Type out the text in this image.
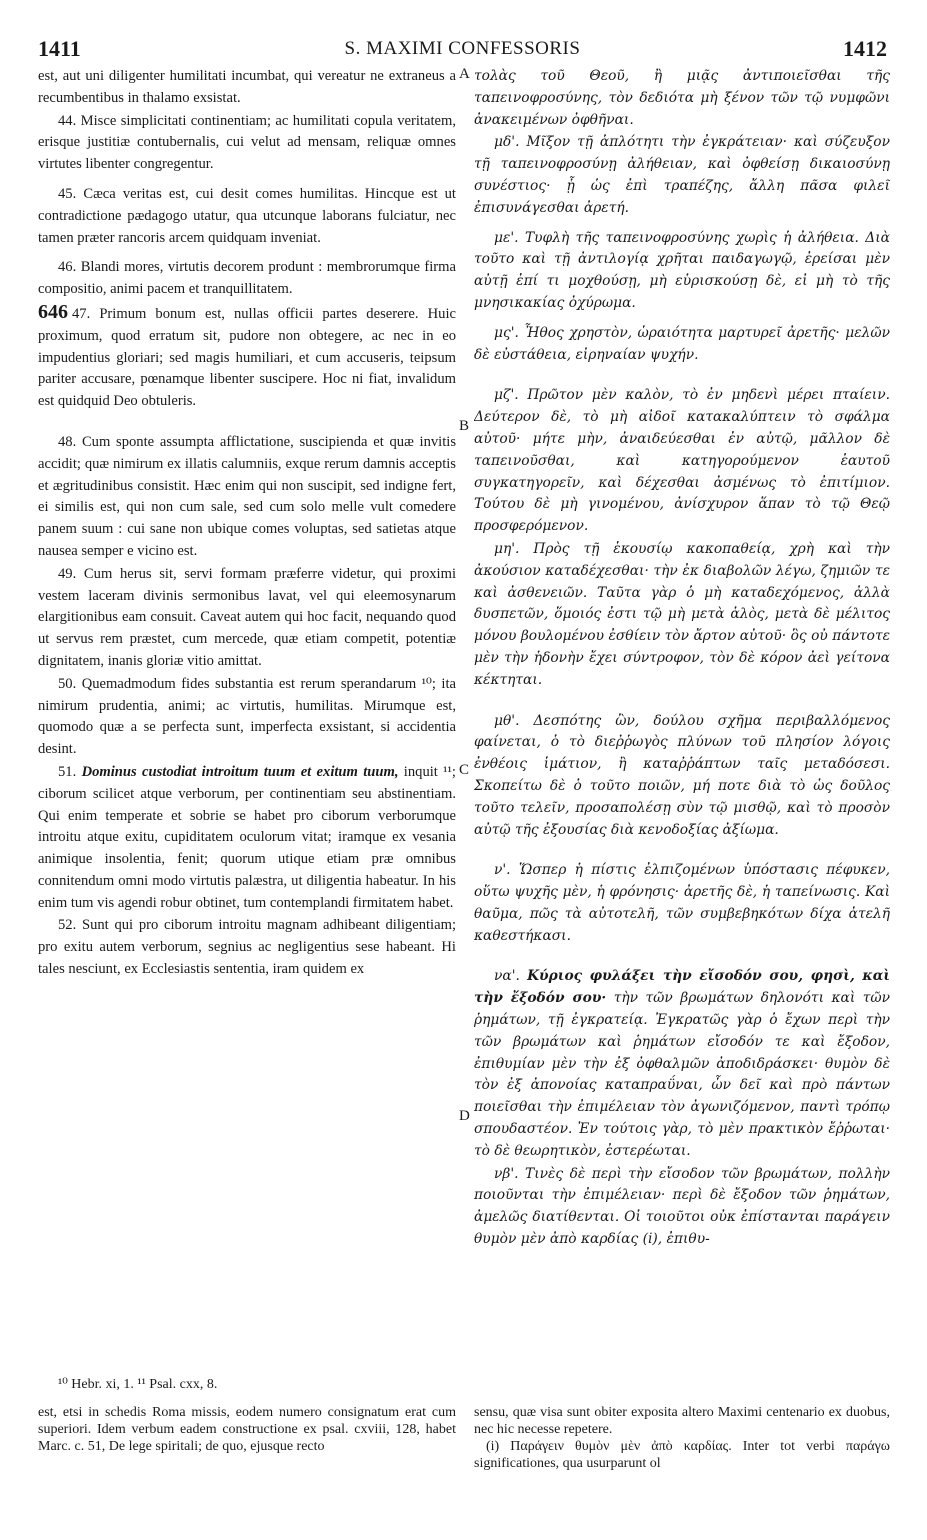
1411	S. MAXIMI CONFESSORIS	1412
A
B
C
D

est, aut uni diligenter humilitati incumbat, qui vereatur ne extraneus a recumbentibus in thalamo exsistat.

44. Misce simplicitati continentiam; ac humilitati copula veritatem, erisque justitiæ contubernalis, cui velut ad mensam, reliquæ omnes virtutes libenter congregentur.

45. Cæca veritas est, cui desit comes humilitas. Hincque est ut contradictione pædagogo utatur, qua utcunque laborans fulciatur, nec tamen præter rancoris arcem quidquam inveniat.

46. Blandi mores, virtutis decorem produnt : membrorumque firma compositio, animi pacem et tranquillitatem.

646 47. Primum bonum est, nullas officii partes deserere. Huic proximum, quod erratum sit, pudore non obtegere, ac nec in eo impudentius gloriari; sed magis humiliari, et cum accuseris, teipsum pariter accusare, pœnamque libenter suscipere. Hoc ni fiat, invalidum est quidquid Deo obtuleris.

48. Cum sponte assumpta afflictatione, suscipienda et quæ invitis accidit; quæ nimirum ex illatis calumniis, exque rerum damnis acceptis et ægritudinibus consistit. Hæc enim qui non suscipit, sed indigne fert, ei similis est, qui non cum sale, sed cum solo melle vult comedere panem suum : cui sane non ubique comes voluptas, sed satietas atque nausea semper e vicino est.

49. Cum herus sit, servi formam præferre videtur, qui proximi vestem laceram divinis sermonibus lavat, vel qui eleemosynarum elargitionibus eam consuit. Caveat autem qui hoc facit, nequando quod ut servus rem præstet, cum mercede, quæ etiam competit, potentiæ dignitatem, inanis gloriæ vitio amittat.

50. Quemadmodum fides substantia est rerum sperandarum ¹⁰; ita nimirum prudentia, animi; ac virtutis, humilitas. Mirumque est, quomodo quæ a se perfecta sunt, imperfecta exsistant, si accidentia desint.

51. Dominus custodiat introitum tuum et exitum tuum, inquit ¹¹; ciborum scilicet atque verborum, per continentiam seu abstinentiam. Qui enim temperate et sobrie se habet pro ciborum verborumque introitu atque exitu, cupiditatem oculorum vitat; iramque ex vesania animique insolentia, fenit; quorum utique etiam præ omnibus connitendum omni modo virtutis palæstra, ut diligentia habeatur. In his enim tum vis agendi robur obtinet, tum contemplandi firmitatem habet.

52. Sunt qui pro ciborum introitu magnam adhibeant diligentiam; pro exitu autem verborum, segnius ac negligentius sese habeant. Hi tales nesciunt, ex Ecclesiastis sententia, iram quidem ex

τολὰς τοῦ Θεοῦ, ἢ μιᾷς ἀντιποιεῖσθαι τῆς ταπεινοφροσύνης, τὸν δεδιότα μὴ ξένον τῶν τῷ νυμφῶνι ἀνακειμένων ὀφθῆναι.

μδ'. Μῖξον τῇ ἁπλότητι τὴν ἐγκράτειαν· καὶ σύζευξον τῇ ταπεινοφροσύνῃ ἀλήθειαν, καὶ ὀφθείσῃ δικαιοσύνῃ συνέστιος· ᾗ ὡς ἐπὶ τραπέζης, ἄλλη πᾶσα φιλεῖ ἐπισυνάγεσθαι ἀρετή.

με'. Τυφλὴ τῆς ταπεινοφροσύνης χωρὶς ἡ ἀλήθεια. Διὰ τοῦτο καὶ τῇ ἀντιλογίᾳ χρῆται παιδαγωγῷ, ἐρείσαι μὲν αὐτῇ ἐπί τι μοχθούσῃ, μὴ εὑρισκούσῃ δὲ, εἰ μὴ τὸ τῆς μνησικακίας ὀχύρωμα.

μς'. Ἦθος χρηστὸν, ὡραιότητα μαρτυρεῖ ἀρετῆς· μελῶν δὲ εὐστάθεια, εἰρηναίαν ψυχήν.

μζ'. Πρῶτον μὲν καλὸν, τὸ ἐν μηδενὶ μέρει πταίειν. Δεύτερον δὲ, τὸ μὴ αἰδοῖ κατακαλύπτειν τὸ σφάλμα αὐτοῦ· μήτε μὴν, ἀναιδεύεσθαι ἐν αὐτῷ, μᾶλλον δὲ ταπεινοῦσθαι, καὶ κατηγορούμενον ἑαυτοῦ συγκατηγορεῖν, καὶ δέχεσθαι ἀσμένως τὸ ἐπιτίμιον. Τούτου δὲ μὴ γινομένου, ἀνίσχυρον ἅπαν τὸ τῷ Θεῷ προσφερόμενον.

μη'. Πρὸς τῇ ἑκουσίῳ κακοπαθείᾳ, χρὴ καὶ τὴν ἀκούσιον καταδέχεσθαι· τὴν ἐκ διαβολῶν λέγω, ζημιῶν τε καὶ ἀσθενειῶν. Ταῦτα γὰρ ὁ μὴ καταδεχόμενος, ἀλλὰ δυσπετῶν, ὅμοιός ἐστι τῷ μὴ μετὰ ἁλὸς, μετὰ δὲ μέλιτος μόνου βουλομένου ἐσθίειν τὸν ἄρτον αὐτοῦ· ὃς οὐ πάντοτε μὲν τὴν ἡδονὴν ἔχει σύντροφον, τὸν δὲ κόρον ἀεὶ γείτονα κέκτηται.

μθ'. Δεσπότης ὢν, δούλου σχῆμα περιβαλλόμενος φαίνεται, ὁ τὸ διεῤῥωγὸς πλύνων τοῦ πλησίον λόγοις ἐνθέοις ἱμάτιον, ἢ καταῤῥάπτων ταῖς μεταδόσεσι. Σκοπείτω δὲ ὁ τοῦτο ποιῶν, μή ποτε διὰ τὸ ὡς δοῦλος τοῦτο τελεῖν, προσαπολέσῃ σὺν τῷ μισθῷ, καὶ τὸ προσὸν αὐτῷ τῆς ἐξουσίας διὰ κενοδοξίας ἀξίωμα.

ν'. Ὥσπερ ἡ πίστις ἐλπιζομένων ὑπόστασις πέφυκεν, οὕτω ψυχῆς μὲν, ἡ φρόνησις· ἀρετῆς δὲ, ἡ ταπείνωσις. Καὶ θαῦμα, πῶς τὰ αὐτοτελῆ, τῶν συμβεβηκότων δίχα ἀτελῆ καθεστήκασι.

να'. Κύριος φυλάξει τὴν εἴσοδόν σου, φησὶ, καὶ τὴν ἔξοδόν σου· τὴν τῶν βρωμάτων δηλονότι καὶ τῶν ῥημάτων, τῇ ἐγκρατείᾳ. Ἐγκρατῶς γὰρ ὁ ἔχων περὶ τὴν τῶν βρωμάτων καὶ ῥημάτων εἴσοδόν τε καὶ ἔξοδον, ἐπιθυμίαν μὲν τὴν ἐξ ὀφθαλμῶν ἀποδιδράσκει· θυμὸν δὲ τὸν ἐξ ἀπονοίας καταπραΰναι, ὧν δεῖ καὶ πρὸ πάντων ποιεῖσθαι τὴν ἐπιμέλειαν τὸν ἀγωνιζόμενον, παντὶ τρόπῳ σπουδαστέον. Ἐν τούτοις γὰρ, τὸ μὲν πρακτικὸν ἔῤῥωται· τὸ δὲ θεωρητικὸν, ἐστερέωται.

νβ'. Τινὲς δὲ περὶ τὴν εἴσοδον τῶν βρωμάτων, πολλὴν ποιοῦνται τὴν ἐπιμέλειαν· περὶ δὲ ἔξοδον τῶν ῥημάτων, ἀμελῶς διατίθενται. Οἱ τοιοῦτοι οὐκ ἐπίστανται παράγειν θυμὸν μὲν ἀπὸ καρδίας (i), ἐπιθυ-

¹⁰ Hebr. xi, 1. ¹¹ Psal. cxx, 8.
est, etsi in schedis Roma missis, eodem numero consignatum erat cum superiori. Idem verbum eadem constructione ex psal. cxviii, 128, habet Marc. c. 51, De lege spiritali; de quo, ejusque recto

sensu, quæ visa sunt obiter exposita altero Maximi centenario ex duobus, nec hic necesse repetere.

(i) Παράγειν θυμὸν μὲν ἀπὸ καρδίας. Inter tot verbi παράγω significationes, qua usurparunt ol
